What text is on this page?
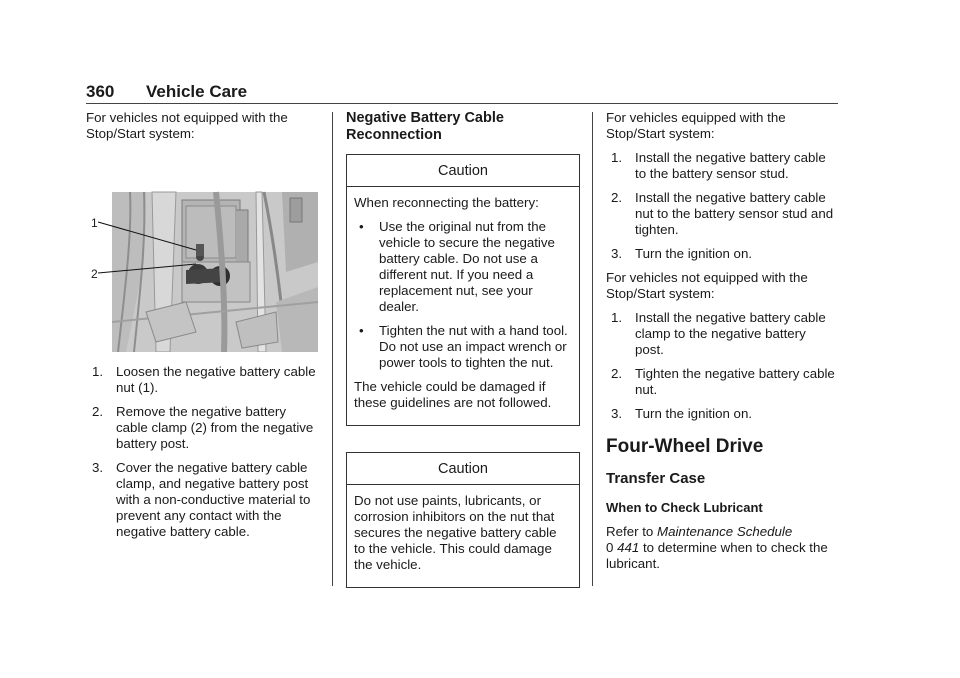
360 Vehicle Care

For vehicles not equipped with the Stop/Start system:

1
2
1. Loosen the negative battery cable nut (1).
2. Remove the negative battery cable clamp (2) from the negative battery post.
3. Cover the negative battery cable clamp, and negative battery post with a non-conductive material to prevent any contact with the negative battery cable.
Negative Battery Cable Reconnection
Caution

When reconnecting the battery:

• Use the original nut from the vehicle to secure the negative battery cable. Do not use a different nut. If you need a replacement nut, see your dealer.
• Tighten the nut with a hand tool. Do not use an impact wrench or power tools to tighten the nut.

The vehicle could be damaged if these guidelines are not followed.

Caution

Do not use paints, lubricants, or corrosion inhibitors on the nut that secures the negative battery cable to the vehicle. This could damage the vehicle.

For vehicles equipped with the Stop/Start system:

1. Install the negative battery cable to the battery sensor stud.
2. Install the negative battery cable nut to the battery sensor stud and tighten.
3. Turn the ignition on.

For vehicles not equipped with the Stop/Start system:

1. Install the negative battery cable clamp to the negative battery post.
2. Tighten the negative battery cable nut.
3. Turn the ignition on.
Four-Wheel Drive
Transfer Case
When to Check Lubricant

Refer to Maintenance Schedule
0 441 to determine when to check the lubricant.
